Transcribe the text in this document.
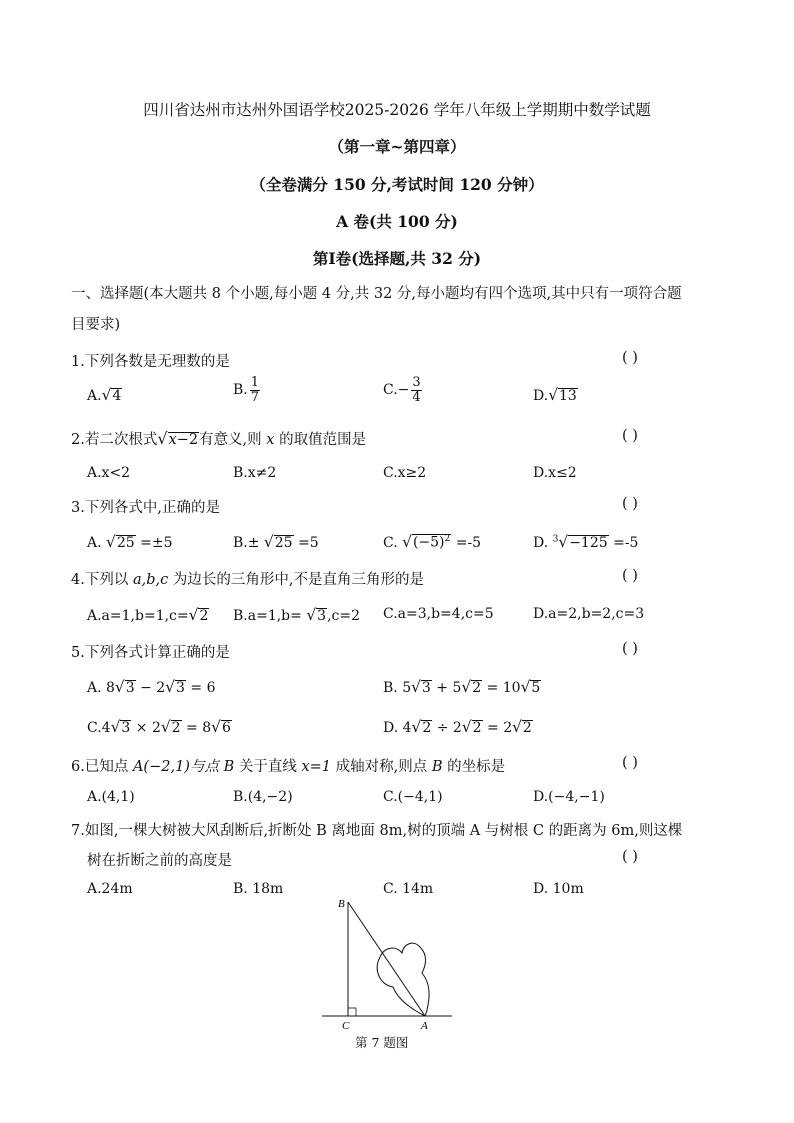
四川省达州市达州外国语学校2025-2026 学年八年级上学期期中数学试题
（第一章~第四章）
（全卷满分 150 分,考试时间 120 分钟）
A 卷(共 100 分)
第Ⅰ卷(选择题,共 32 分)
一、选择题(本大题共 8 个小题,每小题 4 分,共 32 分,每小题均有四个选项,其中只有一项符合题
目要求)
1.下列各数是无理数的是	( )
A.√4	B. $\frac{1}{7}$	$C.- \frac{3}{4}$	D.√13
2.若二次根式√x−2有意义,则 x 的取值范围是	( )
A.x<2	B.x≠2	C.x≥2	D.x≤2
3.下列各式中,正确的是	( )
A. √25 =±5	B.± √25 =5	C. $√(-5)^2 =-5$	D. $^3$√−125 =-5
4.下列以 a,b,c 为边长的三角形中,不是直角三角形的是	( )
A.a=1,b=1,c=√2 B.a=1,b= √3,c=2 C.a=3,b=4,c=5	D.a=2,b=2,c=3
5.下列各式计算正确的是	( )
A. 8√3 − 2√3 = 6	B. 5√3 + 5√2 = 10√5
C.4√3 × 2√2 = 8√6	D. 4√2 ÷ 2√2 = 2√2
6.已知点 A(−2,1)与点 B 关于直线 x=1 成轴对称,则点 B 的坐标是	( )
A.(4,1)	B.(4,−2)	C.(−4,1)	D.(−4,−1)
7.如图,一棵大树被大风刮断后,折断处 B 离地面 8m,树的顶端 A 与树根 C 的距离为 6m,则这棵
树在折断之前的高度是	( )
A.24m	B. 18m	C. 14m	D. 10m
B
C	A
第 7 题图
